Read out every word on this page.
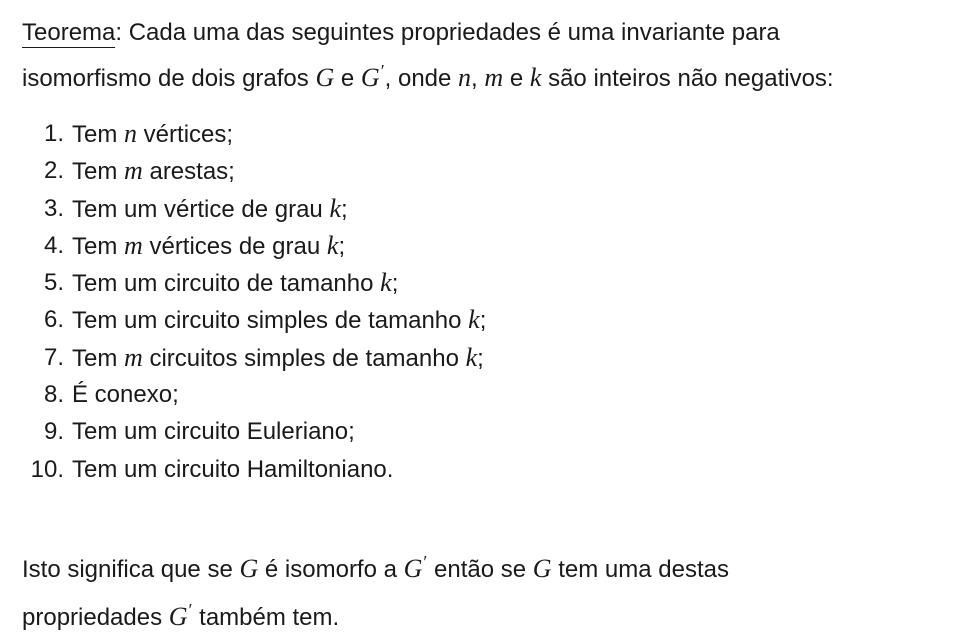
Teorema: Cada uma das seguintes propriedades é uma invariante para
isomorfismo de dois grafos G e G′, onde n, m e k são inteiros não negativos:

1. Tem n vértices;
2. Tem m arestas;
3. Tem um vértice de grau k;
4. Tem m vértices de grau k;
5. Tem um circuito de tamanho k;
6. Tem um circuito simples de tamanho k;
7. Tem m circuitos simples de tamanho k;
8. É conexo;
9. Tem um circuito Euleriano;
10. Tem um circuito Hamiltoniano.

Isto significa que se G é isomorfo a G′ então se G tem uma destas
propriedades G′ também tem.
